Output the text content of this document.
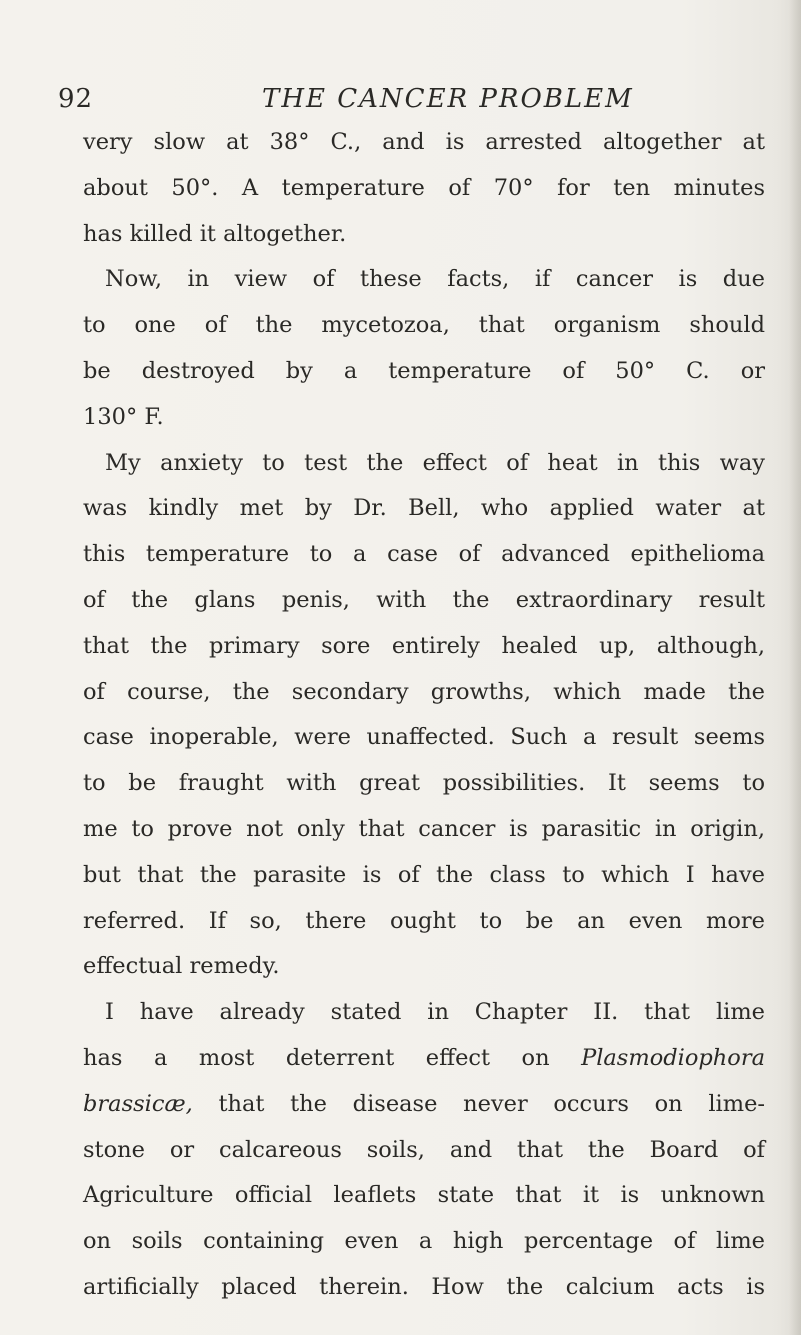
92	THE CANCER PROBLEM
very slow at 38° C., and is arrested altogether at
about 50°. A temperature of 70° for ten minutes
has killed it altogether.
Now, in view of these facts, if cancer is due
to one of the mycetozoa, that organism should
be destroyed by a temperature of 50° C. or
130° F.
My anxiety to test the effect of heat in this way
was kindly met by Dr. Bell, who applied water at
this temperature to a case of advanced epithelioma
of the glans penis, with the extraordinary result
that the primary sore entirely healed up, although,
of course, the secondary growths, which made the
case inoperable, were unaffected. Such a result seems
to be fraught with great possibilities. It seems to
me to prove not only that cancer is parasitic in origin,
but that the parasite is of the class to which I have
referred. If so, there ought to be an even more
effectual remedy.
I have already stated in Chapter II. that lime
has a most deterrent effect on Plasmodiophora
brassicæ, that the disease never occurs on lime-
stone or calcareous soils, and that the Board of
Agriculture official leaflets state that it is unknown
on soils containing even a high percentage of lime
artificially placed therein. How the calcium acts is
